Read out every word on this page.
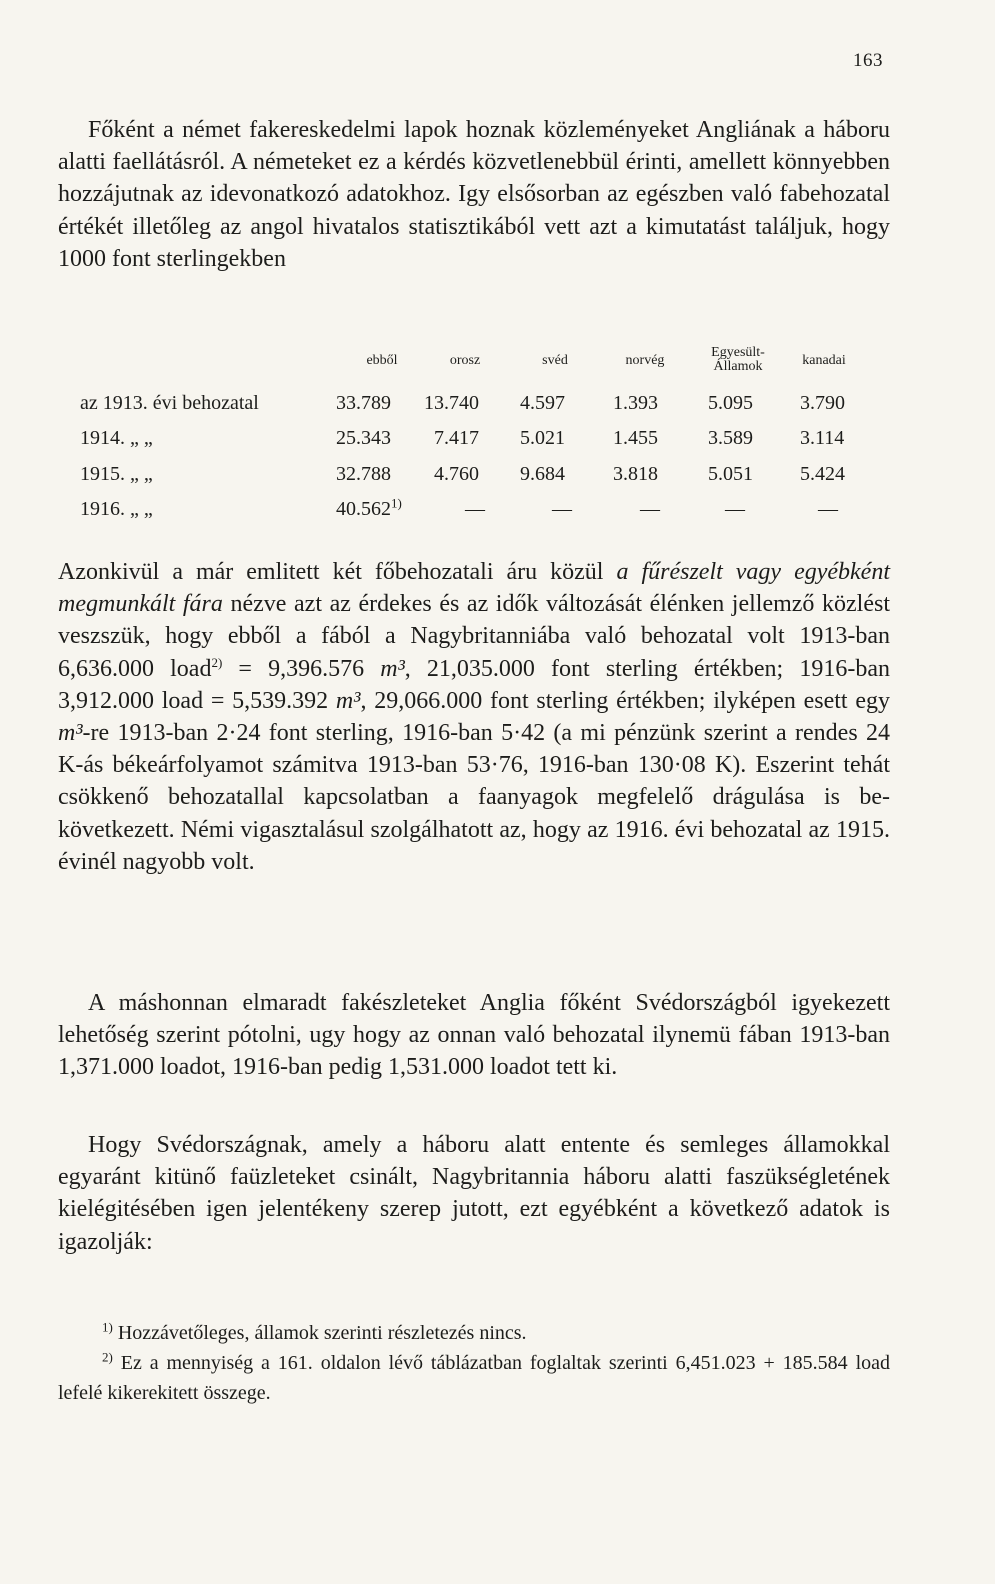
163

Főként a német fakereskedelmi lapok hoznak közleményeket Angliának a háboru alatti faellátásról. A németeket ez a kérdés közvetlenebbül érinti, amellett könnyebben hozzájutnak az idevonatkozó adatokhoz. Igy elsősorban az egészben való fabehozatal értékét illetőleg az angol hivatalos statisztikából vett azt a kimutatást találjuk, hogy 1000 font sterlingekben

ebből	orosz	svéd	norvég
Egyesült-
Államok	kanadai
az 1913. évi behozatal	33.789 13.740 4.597 1.393	5.095 3.790
1914. „ „	25.343 7.417 5.021 1.455	3.589 3.114
1915. „ „	32.788 4.760 9.684 3.818	5.051 5.424
1916. „ „	40.562$^{1)}$	—	—	—	—	—

Azonkivül a már emlitett két főbehozatali áru közül a fűrészelt vagy egyébként megmunkált fára nézve azt az érdekes és az idők változását élénken jellemző közlést veszszük, hogy ebből a fából a Nagybritanniába való behozatal volt 1913-ban 6,636.000 load$^{2)}$ = 9,396.576 m³, 21,035.000 font sterling értékben; 1916-ban 3,912.000 load = 5,539.392 m³, 29,066.000 font sterling értékben; ilyképen esett egy m³-re 1913-ban 2·24 font sterling, 1916-ban 5·42 (a mi pénzünk szerint a rendes 24 K-ás békeárfolyamot számitva 1913-ban 53·76, 1916-ban 130·08 K). Eszerint tehát csökkenő behozatallal kapcsolatban a faanyagok megfelelő drágulása is bekövetkezett. Némi vigasztalásul szolgálhatott az, hogy az 1916. évi behozatal az 1915. évinél nagyobb volt.

A máshonnan elmaradt fakészleteket Anglia főként Svédországból igyekezett lehetőség szerint pótolni, ugy hogy az onnan való behozatal ilynemü fában 1913-ban 1,371.000 loadot, 1916-ban pedig 1,531.000 loadot tett ki.

Hogy Svédországnak, amely a háboru alatt entente és semleges államokkal egyaránt kitünő faüzleteket csinált, Nagybritannia háboru alatti faszükségletének kielégitésében igen jelentékeny szerep jutott, ezt egyébként a következő adatok is igazolják:

$^{1)}$ Hozzávetőleges, államok szerinti részletezés nincs.

$^{2)}$ Ez a mennyiség a 161. oldalon lévő táblázatban foglaltak szerinti 6,451.023 + 185.584 load lefelé kikerekitett összege.
